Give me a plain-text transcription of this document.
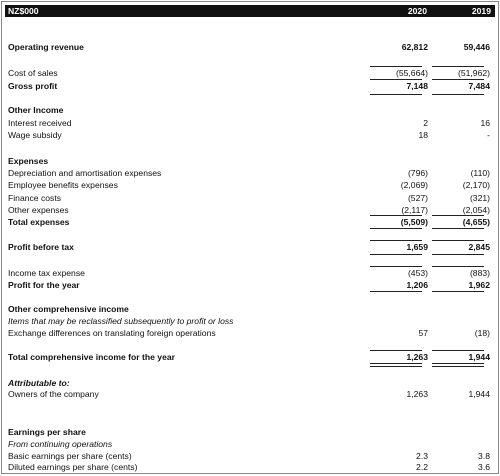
NZ$000	2020	2019
Operating revenue	62,812	59,446
Cost of sales	(55,664)	(51,962)
Gross profit	7,148	7,484
Other Income
Interest received	2	16
Wage subsidy	18	-
Expenses
Depreciation and amortisation expenses	(796)	(110)
Employee benefits expenses	(2,069)	(2,170)
Finance costs	(527)	(321)
Other expenses	(2,117)	(2,054)
Total expenses	(5,509)	(4,655)
Profit before tax	1,659	2,845
Income tax expense	(453)	(883)
Profit for the year	1,206	1,962
Other comprehensive income
Items that may be reclassified subsequently to profit or loss
Exchange differences on translating foreign operations	57	(18)
Total comprehensive income for the year	1,263	1,944
Attributable to:
Owners of the company	1,263	1,944
Earnings per share
From continuing operations
Basic earnings per share (cents)	2.3	3.8
Diluted earnings per share (cents)	2.2	3.6
